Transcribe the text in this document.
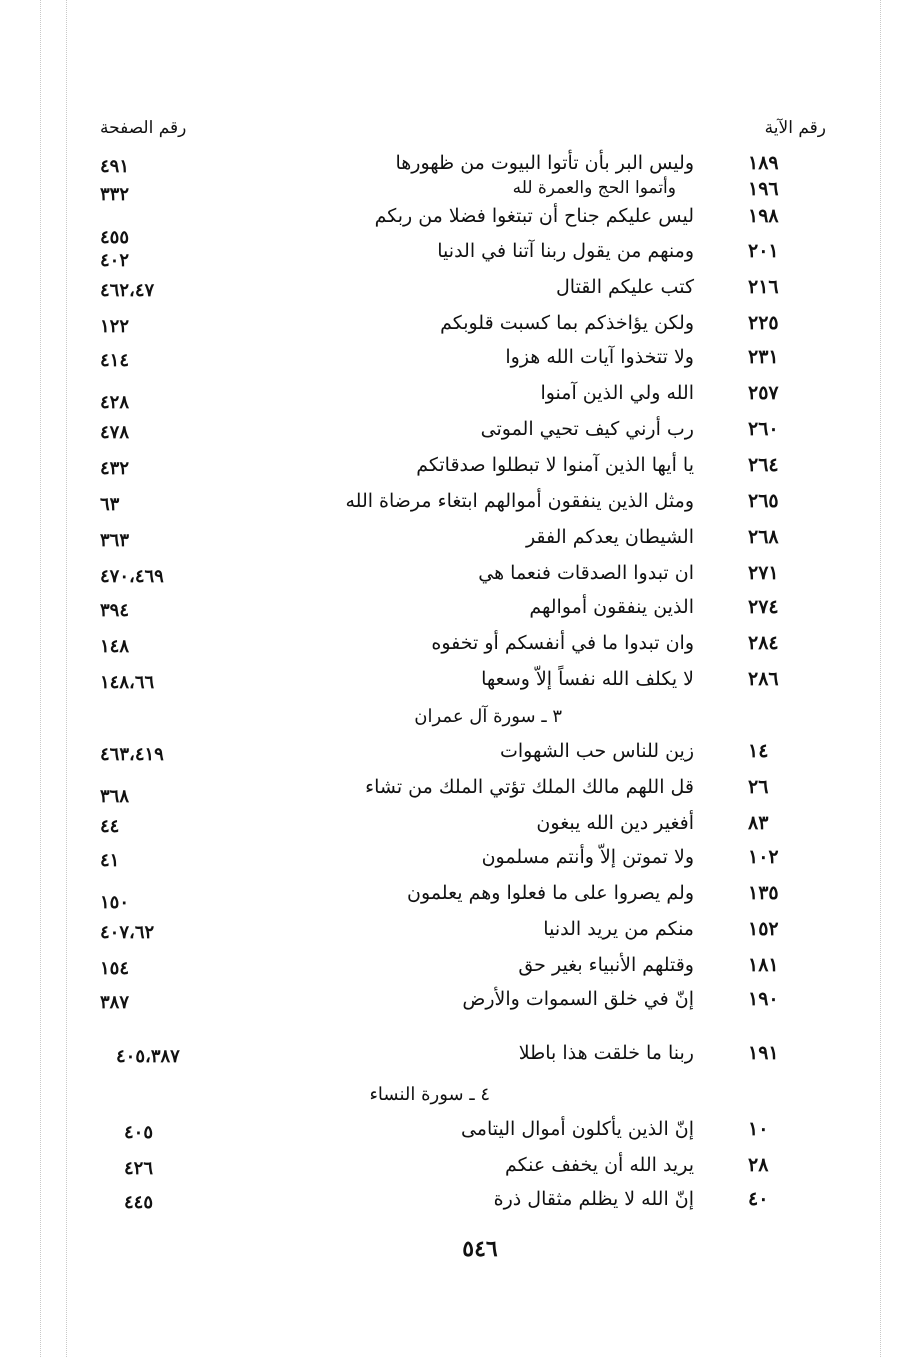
رقم الآية
رقم الصفحة
١٨٩
وليس البر بأن تأتوا البيوت من ظهورها
٤٩١
١٩٦
وأتموا الحج والعمرة لله
٣٣٢
١٩٨
ليس عليكم جناح أن تبتغوا فضلا من ربكم
٤٥٥
٢٠١
ومنهم من يقول ربنا آتنا في الدنيا
٤٠٢
٢١٦
كتب عليكم القتال
٤٦٢،٤٧
٢٢٥
ولكن يؤاخذكم بما كسبت قلوبكم
١٢٢
٢٣١
ولا تتخذوا آيات الله هزوا
٤١٤
٢٥٧
الله ولي الذين آمنوا
٤٢٨
٢٦٠
رب أرني كيف تحيي الموتى
٤٧٨
٢٦٤
يا أيها الذين آمنوا لا تبطلوا صدقاتكم
٤٣٢
٢٦٥
ومثل الذين ينفقون أموالهم ابتغاء مرضاة الله
٦٣
٢٦٨
الشيطان يعدكم الفقر
٣٦٣
٢٧١
ان تبدوا الصدقات فنعما هي
٤٧٠،٤٦٩
٢٧٤
الذين ينفقون أموالهم
٣٩٤
٢٨٤
وان تبدوا ما في أنفسكم أو تخفوه
١٤٨
٢٨٦
لا يكلف الله نفساً إلاّ وسعها
١٤٨،٦٦
٣ ـ سورة آل عمران
١٤
زين للناس حب الشهوات
٤٦٣،٤١٩
٢٦
قل اللهم مالك الملك تؤتي الملك من تشاء
٣٦٨
٨٣
أفغير دين الله يبغون
٤٤
١٠٢
ولا تموتن إلاّ وأنتم مسلمون
٤١
١٣٥
ولم يصروا على ما فعلوا وهم يعلمون
١٥٠
١٥٢
منكم من يريد الدنيا
٤٠٧،٦٢
١٨١
وقتلهم الأنبياء بغير حق
١٥٤
١٩٠
إنّ في خلق السموات والأرض
٣٨٧
١٩١
ربنا ما خلقت هذا باطلا
٤٠٥،٣٨٧
٤ ـ سورة النساء
١٠
إنّ الذين يأكلون أموال اليتامى
٤٠٥
٢٨
يريد الله أن يخفف عنكم
٤٢٦
٤٠
إنّ الله لا يظلم مثقال ذرة
٤٤٥
٥٤٦
